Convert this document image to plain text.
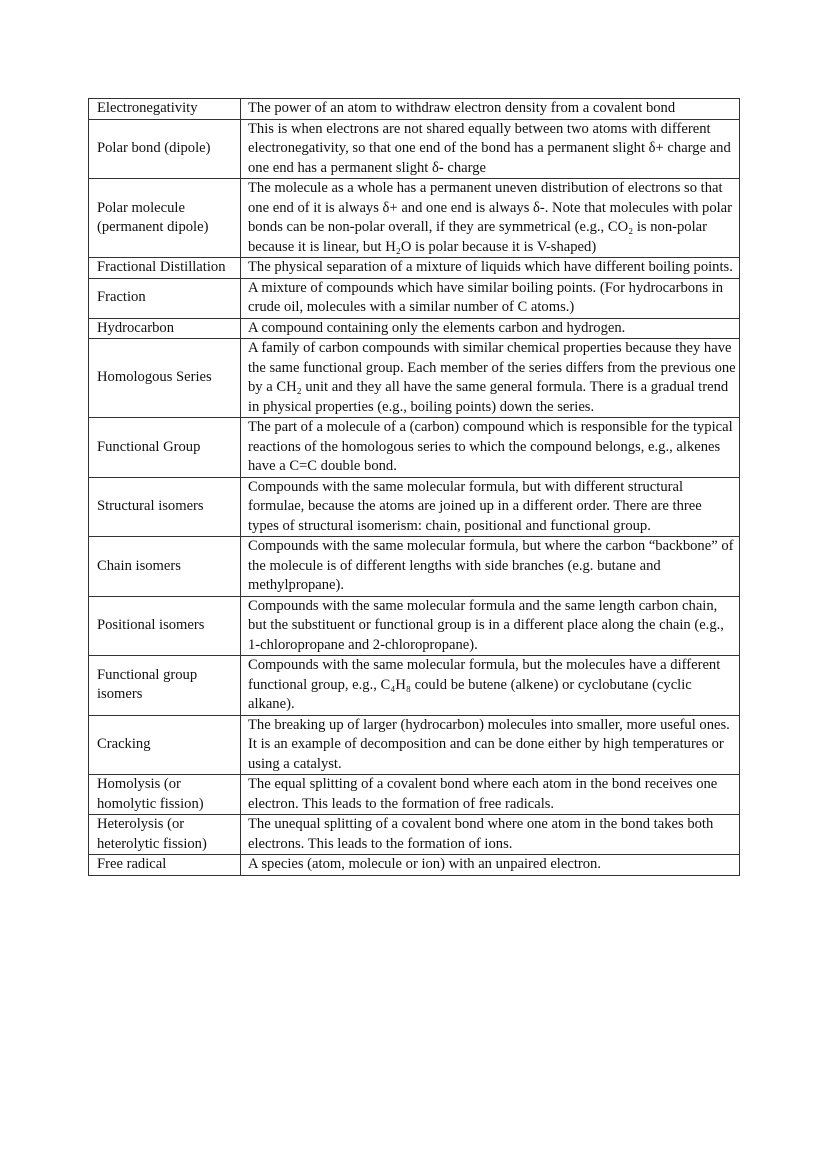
Electronegativity	The power of an atom to withdraw electron density from a covalent bond
Polar bond (dipole)	This is when electrons are not shared equally between two atoms with different electronegativity, so that one end of the bond has a permanent slight δ+ charge and one end has a permanent slight δ- charge
Polar molecule (permanent dipole)	The molecule as a whole has a permanent uneven distribution of electrons so that one end of it is always δ+ and one end is always δ-. Note that molecules with polar bonds can be non-polar overall, if they are symmetrical (e.g., CO₂ is non-polar because it is linear, but H₂O is polar because it is V-shaped)
Fractional Distillation	The physical separation of a mixture of liquids which have different boiling points.
Fraction	A mixture of compounds which have similar boiling points. (For hydrocarbons in crude oil, molecules with a similar number of C atoms.)
Hydrocarbon	A compound containing only the elements carbon and hydrogen.
Homologous Series	A family of carbon compounds with similar chemical properties because they have the same functional group. Each member of the series differs from the previous one by a CH₂ unit and they all have the same general formula. There is a gradual trend in physical properties (e.g., boiling points) down the series.
Functional Group	The part of a molecule of a (carbon) compound which is responsible for the typical reactions of the homologous series to which the compound belongs, e.g., alkenes have a C=C double bond.
Structural isomers	Compounds with the same molecular formula, but with different structural formulae, because the atoms are joined up in a different order. There are three types of structural isomerism: chain, positional and functional group.
Chain isomers	Compounds with the same molecular formula, but where the carbon “backbone” of the molecule is of different lengths with side branches (e.g. butane and methylpropane).
Positional isomers	Compounds with the same molecular formula and the same length carbon chain, but the substituent or functional group is in a different place along the chain (e.g., 1-chloropropane and 2-chloropropane).
Functional group isomers	Compounds with the same molecular formula, but the molecules have a different functional group, e.g., C₄H₈ could be butene (alkene) or cyclobutane (cyclic alkane).
Cracking	The breaking up of larger (hydrocarbon) molecules into smaller, more useful ones. It is an example of decomposition and can be done either by high temperatures or using a catalyst.
Homolysis (or homolytic fission)	The equal splitting of a covalent bond where each atom in the bond receives one electron. This leads to the formation of free radicals.
Heterolysis (or heterolytic fission)	The unequal splitting of a covalent bond where one atom in the bond takes both electrons. This leads to the formation of ions.
Free radical	A species (atom, molecule or ion) with an unpaired electron.
